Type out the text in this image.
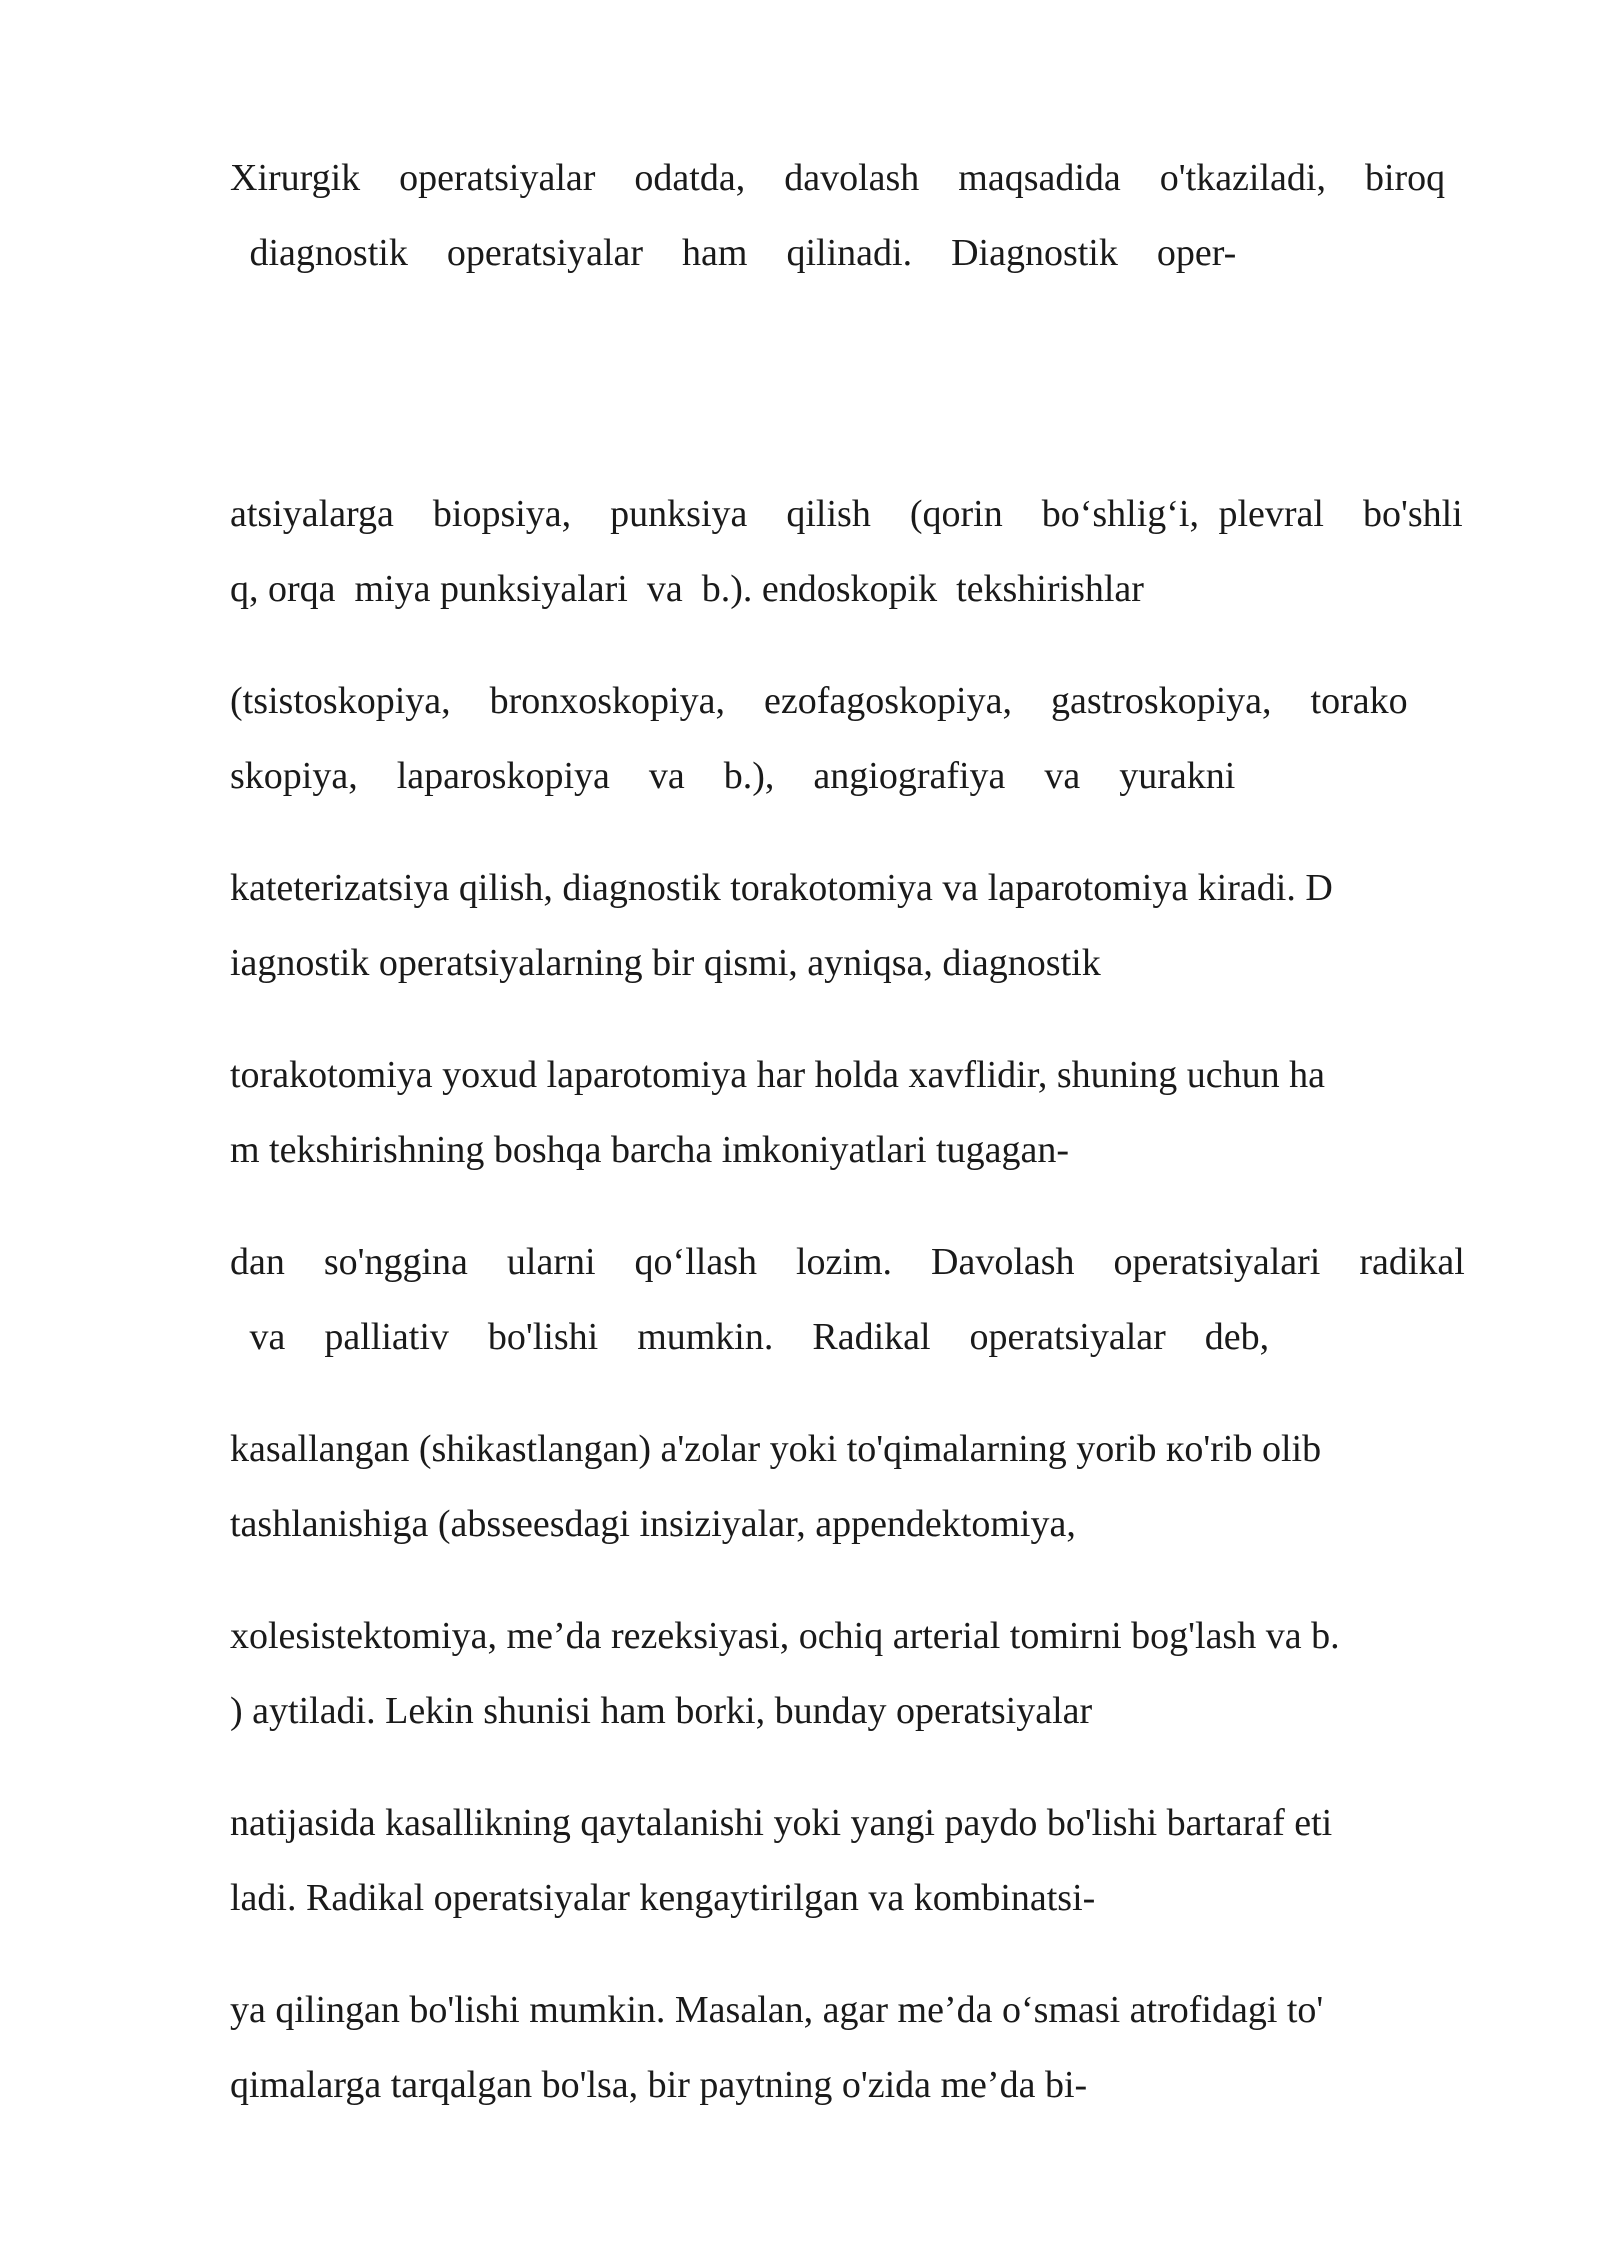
Xirurgik  operatsiyalar  odatda,  davolash  maqsadida  o'tkaziladi,  biroq
diagnostik  operatsiyalar  ham  qilinadi.  Diagnostik  oper-
atsiyalarga  biopsiya,  punksiya  qilish  (qorin  bo‘shlig‘i, plevral  bo'shli
q, orqa  miya punksiyalari  va  b.). endoskopik  tekshirishlar
(tsistoskopiya,  bronxoskopiya,  ezofagoskopiya,  gastroskopiya,  torako
skopiya,  laparoskopiya  va  b.),  angiografiya  va  yurakni
kateterizatsiya qilish, diagnostik torakotomiya va laparotomiya kiradi. D
iagnostik operatsiyalarning bir qismi, ayniqsa, diagnostik
torakotomiya yoxud laparotomiya har holda xavflidir, shuning uchun ha
m tekshirishning boshqa barcha imkoniyatlari tugagan-
dan  so'nggina  ularni  qo‘llash  lozim.  Davolash  operatsiyalari  radikal
va  palliativ  bo'lishi  mumkin.  Radikal  operatsiyalar  deb,
kasallangan (shikastlangan) a'zolar yoki to'qimalarning yorib кo'rib olib
tashlanishiga (absseesdagi insiziyalar, appendektomiya,
xolesistektomiya, me’da rezeksiyasi, ochiq arterial tomirni bog'lash va b.
) aytiladi. Lekin shunisi ham borki, bunday operatsiyalar
natijasida kasallikning qaytalanishi yoki yangi paydo bo'lishi bartaraf eti
ladi. Radikal operatsiyalar kengaytirilgan va kombinatsi-
ya qilingan bo'lishi mumkin. Masalan, agar me’da o‘smasi atrofidagi to'
qimalarga tarqalgan bo'lsa, bir paytning o'zida me’da bi-
